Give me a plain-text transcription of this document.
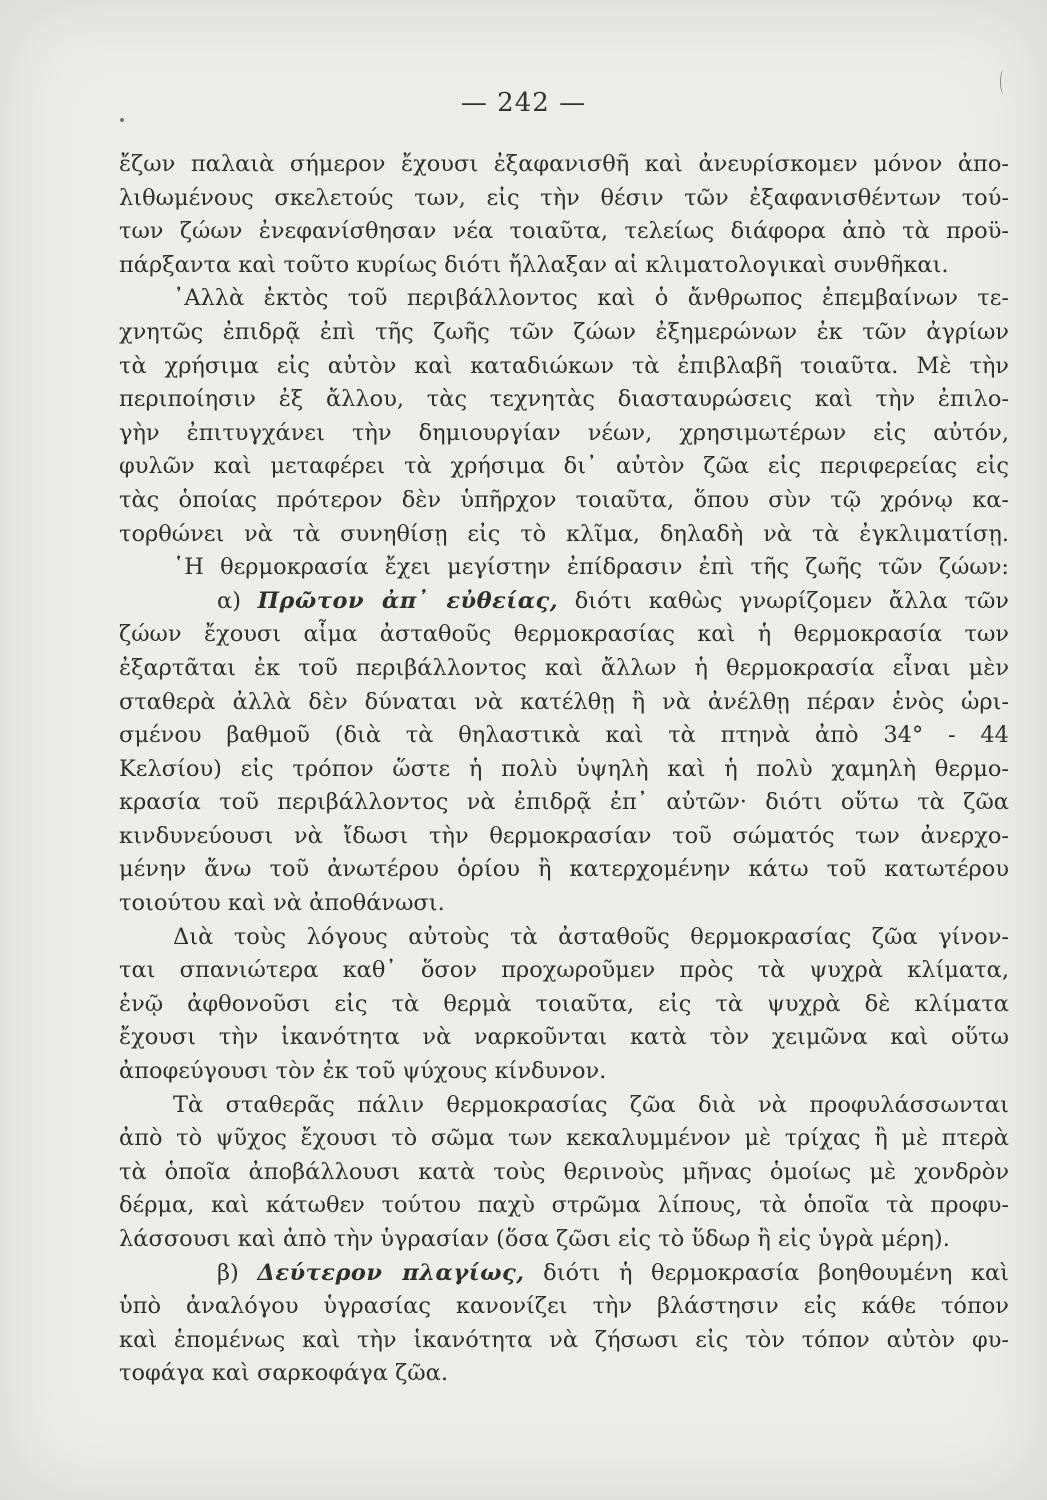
— 242 —
ἔζων παλαιὰ σήμερον ἔχουσι ἐξαφανισθῆ καὶ ἀνευρίσκομεν μόνον ἀπο-
λιθωμένους σκελετούς των, εἰς τὴν θέσιν τῶν ἐξαφανισθέντων τού-
των ζώων ἐνεφανίσθησαν νέα τοιαῦτα, τελείως διάφορα ἀπὸ τὰ προϋ-
πάρξαντα καὶ τοῦτο κυρίως διότι ἤλλαξαν αἱ κλιματολογικαὶ συνθῆκαι.
᾿Αλλὰ ἐκτὸς τοῦ περιβάλλοντος καὶ ὁ ἄνθρωπος ἐπεμβαίνων τε-
χνητῶς ἐπιδρᾷ ἐπὶ τῆς ζωῆς τῶν ζώων ἐξημερώνων ἐκ τῶν ἀγρίων
τὰ χρήσιμα εἰς αὐτὸν καὶ καταδιώκων τὰ ἐπιβλαβῆ τοιαῦτα. Μὲ τὴν
περιποίησιν ἐξ ἄλλου, τὰς τεχνητὰς διασταυρώσεις καὶ τὴν ἐπιλο-
γὴν ἐπιτυγχάνει τὴν δημιουργίαν νέων, χρησιμωτέρων εἰς αὐτόν,
φυλῶν καὶ μεταφέρει τὰ χρήσιμα δι᾿ αὐτὸν ζῶα εἰς περιφερείας εἰς
τὰς ὁποίας πρότερον δὲν ὑπῆρχον τοιαῦτα, ὅπου σὺν τῷ χρόνῳ κα-
τορθώνει νὰ τὰ συνηθίσῃ εἰς τὸ κλῖμα, δηλαδὴ νὰ τὰ ἐγκλιματίσῃ.
῾Η θερμοκρασία ἔχει μεγίστην ἐπίδρασιν ἐπὶ τῆς ζωῆς τῶν ζώων:
α) Πρῶτον ἀπ᾿ εὐθείας, διότι καθὼς γνωρίζομεν ἄλλα τῶν
ζώων ἔχουσι αἷμα ἀσταθοῦς θερμοκρασίας καὶ ἡ θερμοκρασία των
ἐξαρτᾶται ἐκ τοῦ περιβάλλοντος καὶ ἄλλων ἡ θερμοκρασία εἶναι μὲν
σταθερὰ ἀλλὰ δὲν δύναται νὰ κατέλθῃ ἢ νὰ ἀνέλθῃ πέραν ἑνὸς ὡρι-
σμένου βαθμοῦ (διὰ τὰ θηλαστικὰ καὶ τὰ πτηνὰ ἀπὸ 34° - 44
Κελσίου) εἰς τρόπον ὥστε ἡ πολὺ ὑψηλὴ καὶ ἡ πολὺ χαμηλὴ θερμο-
κρασία τοῦ περιβάλλοντος νὰ ἐπιδρᾷ ἐπ᾿ αὐτῶν· διότι οὕτω τὰ ζῶα
κινδυνεύουσι νὰ ἴδωσι τὴν θερμοκρασίαν τοῦ σώματός των ἀνερχο-
μένην ἄνω τοῦ ἀνωτέρου ὁρίου ἢ κατερχομένην κάτω τοῦ κατωτέρου
τοιούτου καὶ νὰ ἀποθάνωσι.
Διὰ τοὺς λόγους αὐτοὺς τὰ ἀσταθοῦς θερμοκρασίας ζῶα γίνον-
ται σπανιώτερα καθ᾿ ὅσον προχωροῦμεν πρὸς τὰ ψυχρὰ κλίματα,
ἐνῷ ἀφθονοῦσι εἰς τὰ θερμὰ τοιαῦτα, εἰς τὰ ψυχρὰ δὲ κλίματα
ἔχουσι τὴν ἱκανότητα νὰ ναρκοῦνται κατὰ τὸν χειμῶνα καὶ οὕτω
ἀποφεύγουσι τὸν ἐκ τοῦ ψύχους κίνδυνον.
Τὰ σταθερᾶς πάλιν θερμοκρασίας ζῶα διὰ νὰ προφυλάσσωνται
ἀπὸ τὸ ψῦχος ἔχουσι τὸ σῶμα των κεκαλυμμένον μὲ τρίχας ἢ μὲ πτερὰ
τὰ ὁποῖα ἀποβάλλουσι κατὰ τοὺς θερινοὺς μῆνας ὁμοίως μὲ χονδρὸν
δέρμα, καὶ κάτωθεν τούτου παχὺ στρῶμα λίπους, τὰ ὁποῖα τὰ προφυ-
λάσσουσι καὶ ἀπὸ τὴν ὑγρασίαν (ὅσα ζῶσι εἰς τὸ ὕδωρ ἢ εἰς ὑγρὰ μέρη).
β) Δεύτερον πλαγίως, διότι ἡ θερμοκρασία βοηθουμένη καὶ
ὑπὸ ἀναλόγου ὑγρασίας κανονίζει τὴν βλάστησιν εἰς κάθε τόπον
καὶ ἑπομένως καὶ τὴν ἱκανότητα νὰ ζήσωσι εἰς τὸν τόπον αὐτὸν φυ-
τοφάγα καὶ σαρκοφάγα ζῶα.
